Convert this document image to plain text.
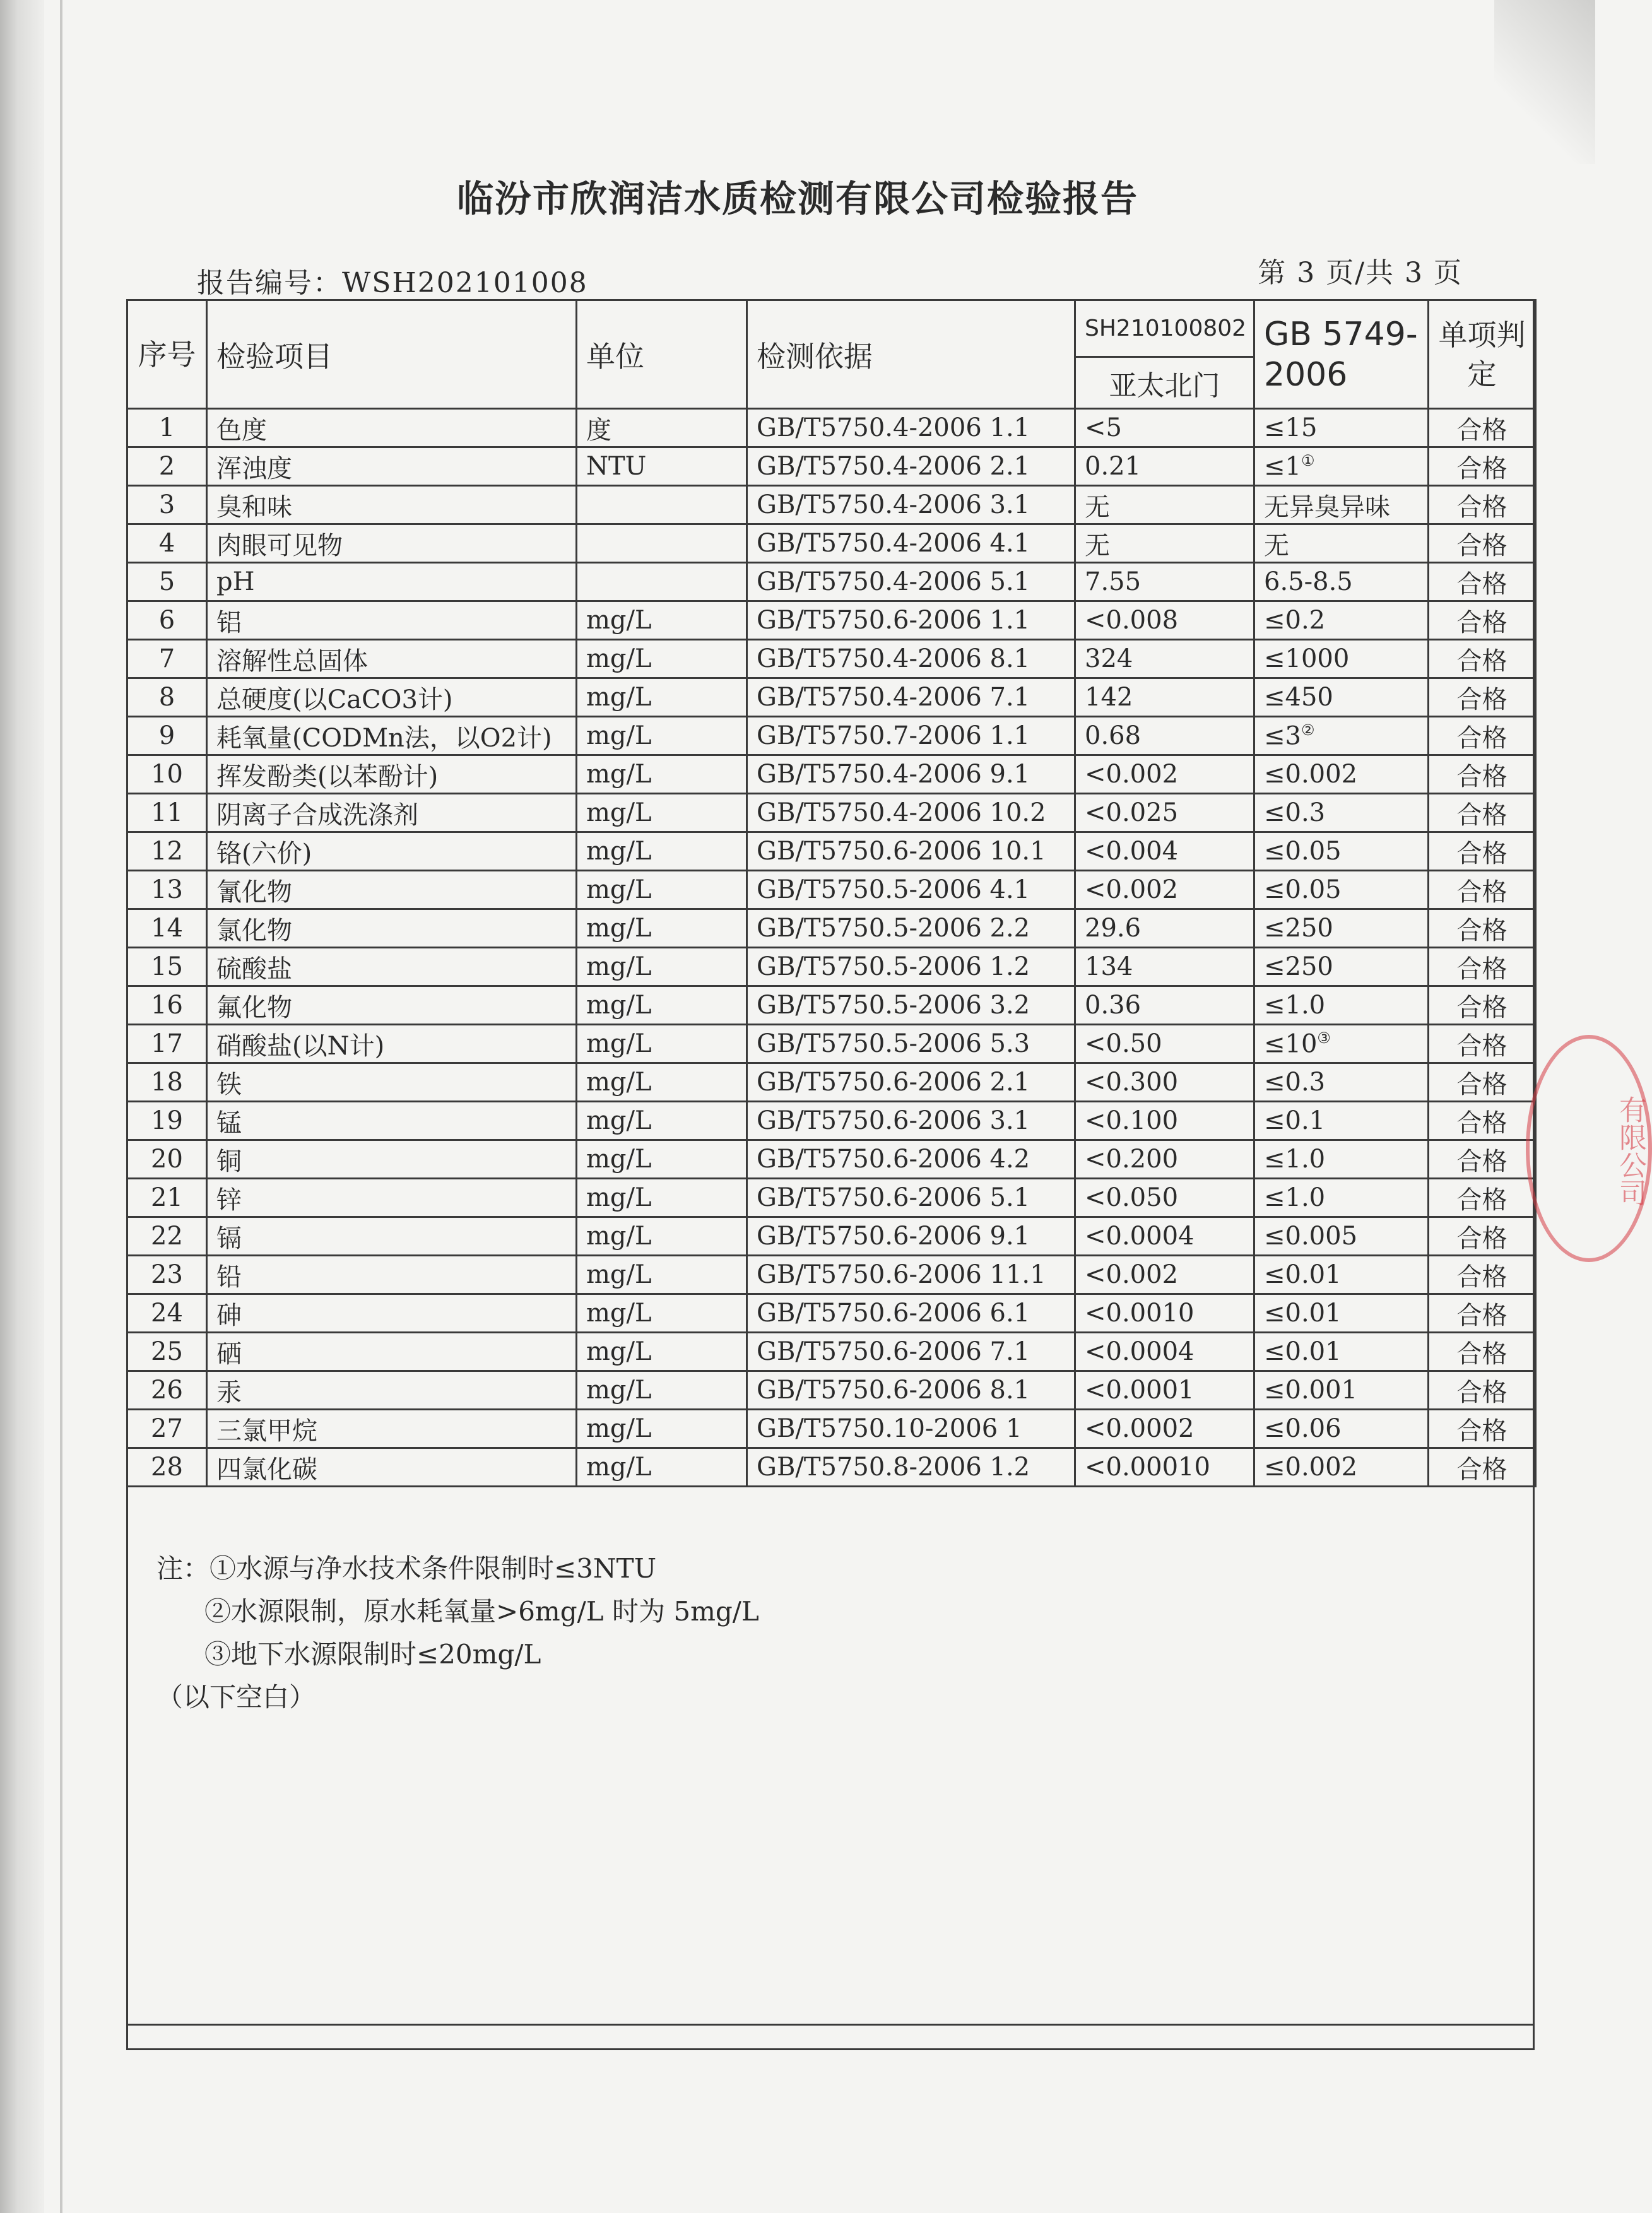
临汾市欣润洁水质检测有限公司检验报告
报告编号：WSH202101008	第 3 页/共 3 页
序号	检验项目	单位	检测依据	SH210100802	GB 5749-2006	单项判定
				亚太北门		
1	色度	度	GB/T5750.4-2006 1.1	<5	≤15	合格
2	浑浊度	NTU	GB/T5750.4-2006 2.1	0.21	≤1①	合格
3	臭和味		GB/T5750.4-2006 3.1	无	无异臭异味	合格
4	肉眼可见物		GB/T5750.4-2006 4.1	无	无	合格
5	pH		GB/T5750.4-2006 5.1	7.55	6.5-8.5	合格
6	铝	mg/L	GB/T5750.6-2006 1.1	<0.008	≤0.2	合格
7	溶解性总固体	mg/L	GB/T5750.4-2006 8.1	324	≤1000	合格
8	总硬度(以CaCO3计)	mg/L	GB/T5750.4-2006 7.1	142	≤450	合格
9	耗氧量(CODMn法，以O2计)	mg/L	GB/T5750.7-2006 1.1	0.68	≤3②	合格
10	挥发酚类(以苯酚计)	mg/L	GB/T5750.4-2006 9.1	<0.002	≤0.002	合格
11	阴离子合成洗涤剂	mg/L	GB/T5750.4-2006 10.2	<0.025	≤0.3	合格
12	铬(六价)	mg/L	GB/T5750.6-2006 10.1	<0.004	≤0.05	合格
13	氰化物	mg/L	GB/T5750.5-2006 4.1	<0.002	≤0.05	合格
14	氯化物	mg/L	GB/T5750.5-2006 2.2	29.6	≤250	合格
15	硫酸盐	mg/L	GB/T5750.5-2006 1.2	134	≤250	合格
16	氟化物	mg/L	GB/T5750.5-2006 3.2	0.36	≤1.0	合格
17	硝酸盐(以N计)	mg/L	GB/T5750.5-2006 5.3	<0.50	≤10③	合格
18	铁	mg/L	GB/T5750.6-2006 2.1	<0.300	≤0.3	合格
19	锰	mg/L	GB/T5750.6-2006 3.1	<0.100	≤0.1	合格
20	铜	mg/L	GB/T5750.6-2006 4.2	<0.200	≤1.0	合格
21	锌	mg/L	GB/T5750.6-2006 5.1	<0.050	≤1.0	合格
22	镉	mg/L	GB/T5750.6-2006 9.1	<0.0004	≤0.005	合格
23	铅	mg/L	GB/T5750.6-2006 11.1	<0.002	≤0.01	合格
24	砷	mg/L	GB/T5750.6-2006 6.1	<0.0010	≤0.01	合格
25	硒	mg/L	GB/T5750.6-2006 7.1	<0.0004	≤0.01	合格
26	汞	mg/L	GB/T5750.6-2006 8.1	<0.0001	≤0.001	合格
27	三氯甲烷	mg/L	GB/T5750.10-2006 1	<0.0002	≤0.06	合格
28	四氯化碳	mg/L	GB/T5750.8-2006 1.2	<0.00010	≤0.002	合格
注：①水源与净水技术条件限制时≤3NTU
②水源限制，原水耗氧量>6mg/L 时为 5mg/L
③地下水源限制时≤20mg/L
（以下空白）
有限公司
